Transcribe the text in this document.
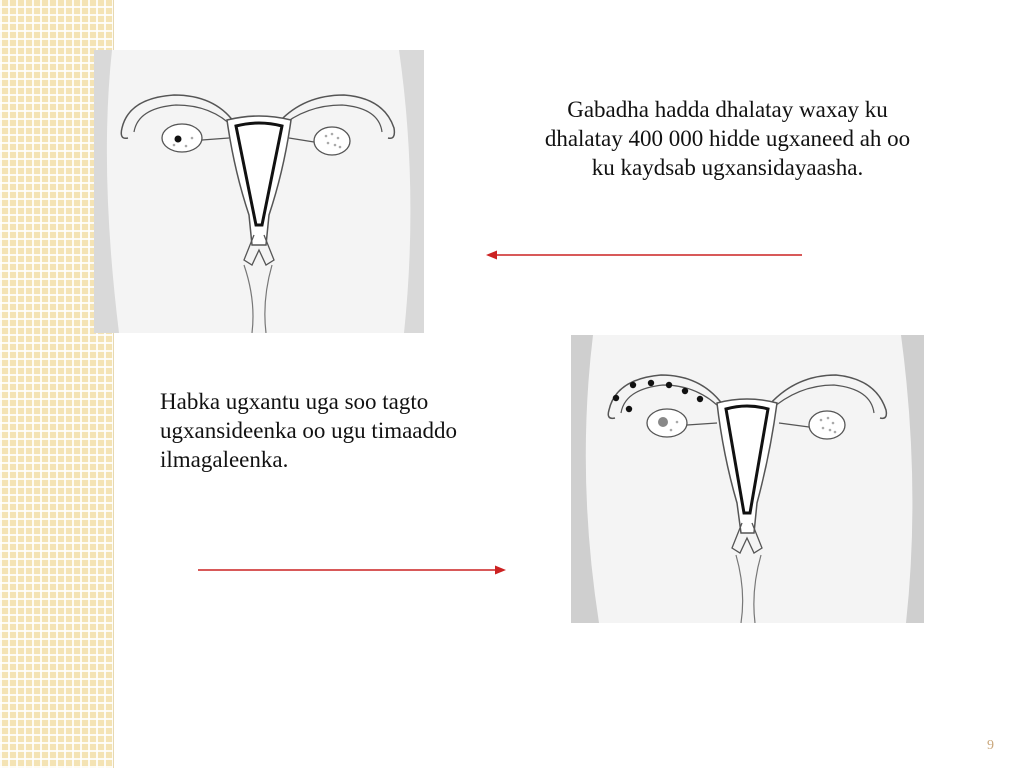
Gabadha hadda dhalatay waxay ku dhalatay 400 000 hidde ugxaneed ah oo ku kaydsab ugxansidayaasha.
Habka ugxantu uga soo tagto ugxansideenka oo ugu timaaddo ilmagaleenka.
9
